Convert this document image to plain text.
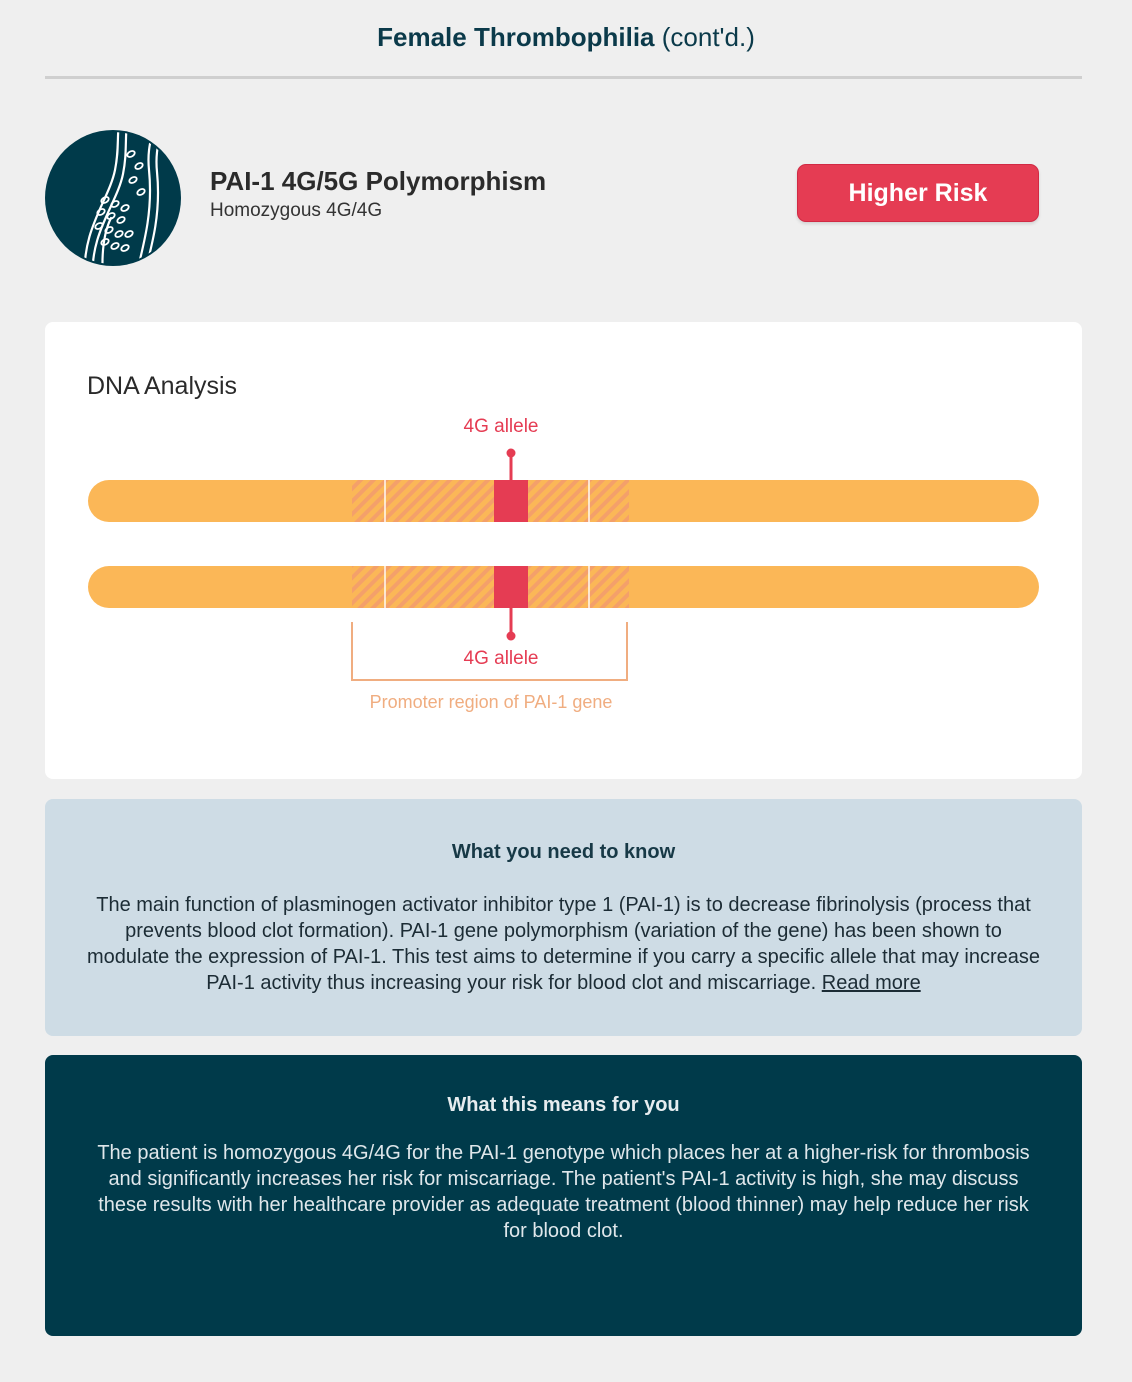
Female Thrombophilia (cont'd.)
PAI-1 4G/5G Polymorphism
Homozygous 4G/4G
Higher Risk
DNA Analysis
4G allele
4G allele
Promoter region of PAI-1 gene
What you need to know
The main function of plasminogen activator inhibitor type 1 (PAI-1) is to decrease fibrinolysis (process that prevents blood clot formation). PAI-1 gene polymorphism (variation of the gene) has been shown to modulate the expression of PAI-1. This test aims to determine if you carry a specific allele that may increase PAI-1 activity thus increasing your risk for blood clot and miscarriage. Read more
What this means for you
The patient is homozygous 4G/4G for the PAI-1 genotype which places her at a higher-risk for thrombosis and significantly increases her risk for miscarriage. The patient's PAI-1 activity is high, she may discuss these results with her healthcare provider as adequate treatment (blood thinner) may help reduce her risk for blood clot.
